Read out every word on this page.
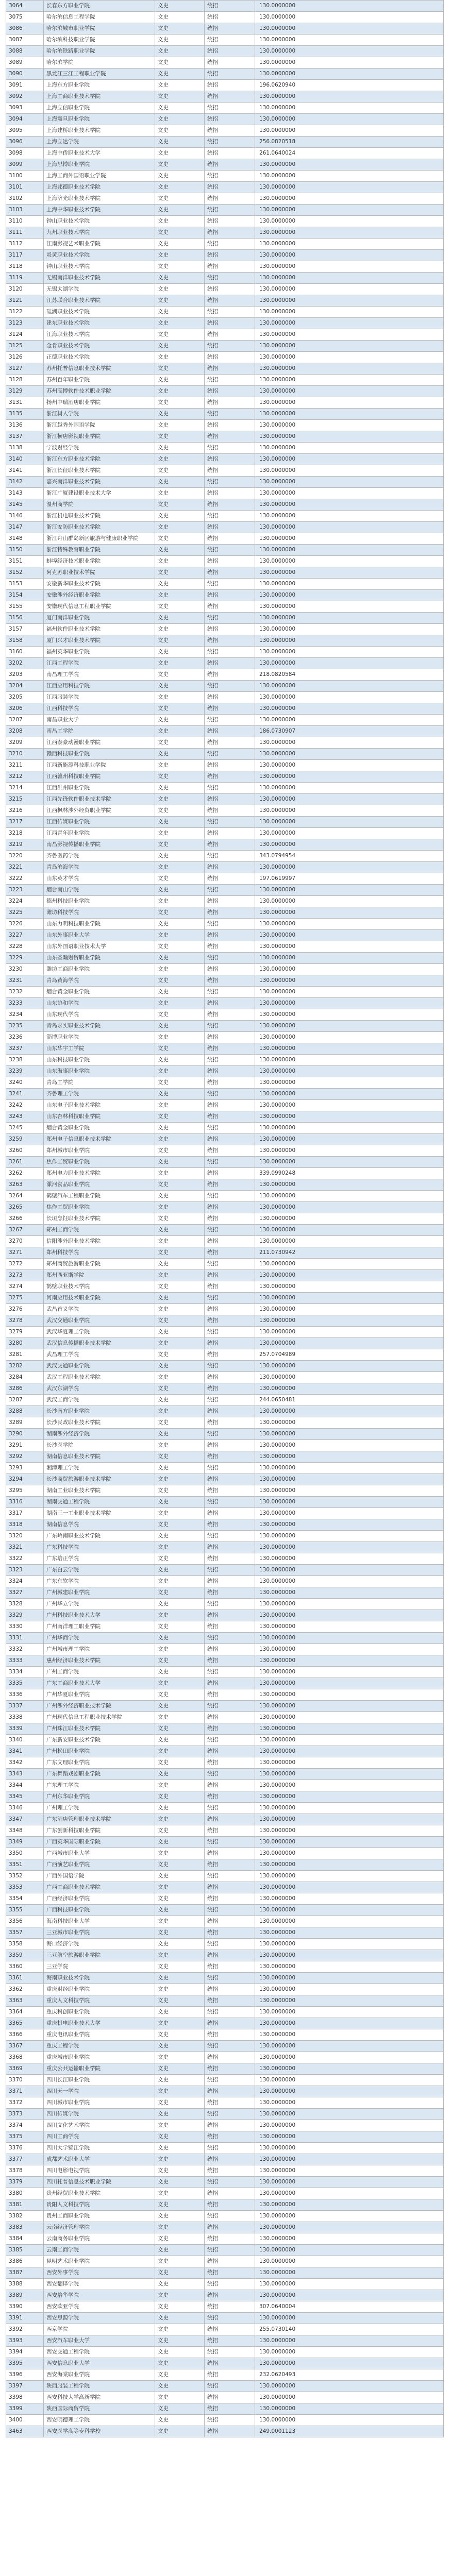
3064	长春东方职业学院	文史	统招	130.0000000
3075	哈尔滨信息工程学院	文史	统招	130.0000000
3086	哈尔滨城市职业学院	文史	统招	130.0000000
3087	哈尔滨科技职业学院	文史	统招	130.0000000
3088	哈尔滨铁路职业学院	文史	统招	130.0000000
3089	哈尔滨学院	文史	统招	130.0000000
3090	黑龙江三江工程职业学院	文史	统招	130.0000000
3091	上海东方职业学院	文史	统招	196.0620940
3092	上海工商职业技术学院	文史	统招	130.0000000
3093	上海立信职业学院	文史	统招	130.0000000
3094	上海震旦职业学院	文史	统招	130.0000000
3095	上海建桥职业技术学院	文史	统招	130.0000000
3096	上海立达学院	文史	统招	256.0820518
3098	上海中侨职业技术大学	文史	统招	261.0640024
3099	上海思博职业学院	文史	统招	130.0000000
3100	上海工商外国语职业学院	文史	统招	130.0000000
3101	上海邦德职业技术学院	文史	统招	130.0000000
3102	上海济光职业技术学院	文史	统招	130.0000000
3103	上海中华职业技术学院	文史	统招	130.0000000
3110	钟山职业技术学院	文史	统招	130.0000000
3111	九州职业技术学院	文史	统招	130.0000000
3112	江南影视艺术职业学院	文史	统招	130.0000000
3117	炎黄职业技术学院	文史	统招	130.0000000
3118	钟山职业技术学院	文史	统招	130.0000000
3119	无锡南洋职业技术学院	文史	统招	130.0000000
3120	无锡太湖学院	文史	统招	130.0000000
3121	江苏联合职业技术学院	文史	统招	130.0000000
3122	硅湖职业技术学院	文史	统招	130.0000000
3123	建东职业技术学院	文史	统招	130.0000000
3124	江海职业技术学院	文史	统招	130.0000000
3125	金肯职业技术学院	文史	统招	130.0000000
3126	正德职业技术学院	文史	统招	130.0000000
3127	苏州托普信息职业技术学院	文史	统招	130.0000000
3128	苏州百年职业学院	文史	统招	130.0000000
3129	苏州高博软件技术职业学院	文史	统招	130.0000000
3131	扬州中瑞酒店职业学院	文史	统招	130.0000000
3135	浙江树人学院	文史	统招	130.0000000
3136	浙江越秀外国语学院	文史	统招	130.0000000
3137	浙江横店影视职业学院	文史	统招	130.0000000
3138	宁波财经学院	文史	统招	130.0000000
3140	浙江东方职业技术学院	文史	统招	130.0000000
3141	浙江长征职业技术学院	文史	统招	130.0000000
3142	嘉兴南洋职业技术学院	文史	统招	130.0000000
3143	浙江广厦建设职业技术大学	文史	统招	130.0000000
3145	温州商学院	文史	统招	130.0000000
3146	浙江机电职业技术学院	文史	统招	130.0000000
3147	浙江安防职业技术学院	文史	统招	130.0000000
3148	浙江舟山群岛新区旅游与健康职业学院	文史	统招	130.0000000
3150	浙江特殊教育职业学院	文史	统招	130.0000000
3151	蚌埠经济技术职业学院	文史	统招	130.0000000
3152	阿克苏职业技术学院	文史	统招	130.0000000
3153	安徽新华职业技术学院	文史	统招	130.0000000
3154	安徽涉外经济职业学院	文史	统招	130.0000000
3155	安徽现代信息工程职业学院	文史	统招	130.0000000
3156	厦门南洋职业学院	文史	统招	130.0000000
3157	福州软件职业技术学院	文史	统招	130.0000000
3158	厦门兴才职业技术学院	文史	统招	130.0000000
3160	福州英华职业学院	文史	统招	130.0000000
3202	江西工程学院	文史	统招	130.0000000
3203	南昌理工学院	文史	统招	218.0820584
3204	江西应用科技学院	文史	统招	130.0000000
3205	江西服装学院	文史	统招	130.0000000
3206	江西科技学院	文史	统招	130.0000000
3207	南昌职业大学	文史	统招	130.0000000
3208	南昌工学院	文史	统招	186.0730907
3209	江西泰豪动漫职业学院	文史	统招	130.0000000
3210	赣西科技职业学院	文史	统招	130.0000000
3211	江西新能源科技职业学院	文史	统招	130.0000000
3212	江西赣州科技职业学院	文史	统招	130.0000000
3214	江西洪州职业学院	文史	统招	130.0000000
3215	江西先锋软件职业技术学院	文史	统招	130.0000000
3216	江西枫林涉外经贸职业学院	文史	统招	130.0000000
3217	江西传媒职业学院	文史	统招	130.0000000
3218	江西青年职业学院	文史	统招	130.0000000
3219	南昌影视传播职业学院	文史	统招	130.0000000
3220	齐鲁医药学院	文史	统招	343.0794954
3221	青岛滨海学院	文史	统招	130.0000000
3222	山东英才学院	文史	统招	197.0619997
3223	烟台南山学院	文史	统招	130.0000000
3224	德州科技职业学院	文史	统招	130.0000000
3225	潍坊科技学院	文史	统招	130.0000000
3226	山东力明科技职业学院	文史	统招	130.0000000
3227	山东外事职业大学	文史	统招	130.0000000
3228	山东外国语职业技术大学	文史	统招	130.0000000
3229	山东圣翰财贸职业学院	文史	统招	130.0000000
3230	潍坊工商职业学院	文史	统招	130.0000000
3231	青岛黄海学院	文史	统招	130.0000000
3232	烟台黄金职业学院	文史	统招	130.0000000
3233	山东协和学院	文史	统招	130.0000000
3234	山东现代学院	文史	统招	130.0000000
3235	青岛求实职业技术学院	文史	统招	130.0000000
3236	淄博职业学院	文史	统招	130.0000000
3237	山东华宇工学院	文史	统招	130.0000000
3238	山东科技职业学院	文史	统招	130.0000000
3239	山东海事职业学院	文史	统招	130.0000000
3240	青岛工学院	文史	统招	130.0000000
3241	齐鲁理工学院	文史	统招	130.0000000
3242	山东电子职业技术学院	文史	统招	130.0000000
3243	山东杏林科技职业学院	文史	统招	130.0000000
3245	烟台黄金职业学院	文史	统招	130.0000000
3259	郑州电子信息职业技术学院	文史	统招	130.0000000
3260	郑州城市职业学院	文史	统招	130.0000000
3261	焦作工贸职业学院	文史	统招	130.0000000
3262	郑州电力职业技术学院	文史	统招	339.0990248
3263	漯河食品职业学院	文史	统招	130.0000000
3264	鹤壁汽车工程职业学院	文史	统招	130.0000000
3265	焦作工贸职业学院	文史	统招	130.0000000
3266	长垣烹饪职业技术学院	文史	统招	130.0000000
3267	郑州工商学院	文史	统招	130.0000000
3270	信阳涉外职业技术学院	文史	统招	130.0000000
3271	郑州科技学院	文史	统招	211.0730942
3272	郑州商贸旅游职业学院	文史	统招	130.0000000
3273	郑州西亚斯学院	文史	统招	130.0000000
3274	鹤壁职业技术学院	文史	统招	130.0000000
3275	河南应用技术职业学院	文史	统招	130.0000000
3276	武昌首义学院	文史	统招	130.0000000
3278	武汉交通职业学院	文史	统招	130.0000000
3279	武汉华夏理工学院	文史	统招	130.0000000
3280	武汉信息传播职业技术学院	文史	统招	130.0000000
3281	武昌理工学院	文史	统招	257.0704989
3282	武汉交通职业学院	文史	统招	130.0000000
3284	武汉工程职业技术学院	文史	统招	130.0000000
3286	武汉东湖学院	文史	统招	130.0000000
3287	武汉工商学院	文史	统招	244.0650481
3288	长沙南方职业学院	文史	统招	130.0000000
3289	长沙民政职业技术学院	文史	统招	130.0000000
3290	湖南涉外经济学院	文史	统招	130.0000000
3291	长沙医学院	文史	统招	130.0000000
3292	湖南信息职业技术学院	文史	统招	130.0000000
3293	湘潭理工学院	文史	统招	130.0000000
3294	长沙商贸旅游职业技术学院	文史	统招	130.0000000
3295	湖南工业职业技术学院	文史	统招	130.0000000
3316	湖南交通工程学院	文史	统招	130.0000000
3317	湖南三一工业职业技术学院	文史	统招	130.0000000
3318	湖南信息学院	文史	统招	130.0000000
3320	广东岭南职业技术学院	文史	统招	130.0000000
3321	广东科技学院	文史	统招	130.0000000
3322	广东培正学院	文史	统招	130.0000000
3323	广东白云学院	文史	统招	130.0000000
3324	广东东软学院	文史	统招	130.0000000
3327	广州城建职业学院	文史	统招	130.0000000
3328	广州华立学院	文史	统招	130.0000000
3329	广州科技职业技术大学	文史	统招	130.0000000
3330	广州南洋理工职业学院	文史	统招	130.0000000
3331	广州华商学院	文史	统招	130.0000000
3332	广州城市理工学院	文史	统招	130.0000000
3333	惠州经济职业技术学院	文史	统招	130.0000000
3334	广州工商学院	文史	统招	130.0000000
3335	广东工商职业技术大学	文史	统招	130.0000000
3336	广州华夏职业学院	文史	统招	130.0000000
3337	广州涉外经济职业技术学院	文史	统招	130.0000000
3338	广州现代信息工程职业技术学院	文史	统招	130.0000000
3339	广州珠江职业技术学院	文史	统招	130.0000000
3340	广东新安职业技术学院	文史	统招	130.0000000
3341	广州松田职业学院	文史	统招	130.0000000
3342	广东文理职业学院	文史	统招	130.0000000
3343	广东舞蹈戏剧职业学院	文史	统招	130.0000000
3344	广东理工学院	文史	统招	130.0000000
3345	广州东华职业学院	文史	统招	130.0000000
3346	广州理工学院	文史	统招	130.0000000
3347	广东酒店管理职业技术学院	文史	统招	130.0000000
3348	广东创新科技职业学院	文史	统招	130.0000000
3349	广西英华国际职业学院	文史	统招	130.0000000
3350	广西城市职业大学	文史	统招	130.0000000
3351	广西演艺职业学院	文史	统招	130.0000000
3352	广西外国语学院	文史	统招	130.0000000
3353	广西工商职业技术学院	文史	统招	130.0000000
3354	广西经济职业学院	文史	统招	130.0000000
3355	广西科技职业学院	文史	统招	130.0000000
3356	海南科技职业大学	文史	统招	130.0000000
3357	三亚城市职业学院	文史	统招	130.0000000
3358	海口经济学院	文史	统招	130.0000000
3359	三亚航空旅游职业学院	文史	统招	130.0000000
3360	三亚学院	文史	统招	130.0000000
3361	海南职业技术学院	文史	统招	130.0000000
3362	重庆财经职业学院	文史	统招	130.0000000
3363	重庆人文科技学院	文史	统招	130.0000000
3364	重庆科创职业学院	文史	统招	130.0000000
3365	重庆机电职业技术大学	文史	统招	130.0000000
3366	重庆电讯职业学院	文史	统招	130.0000000
3367	重庆工程学院	文史	统招	130.0000000
3368	重庆城市职业学院	文史	统招	130.0000000
3369	重庆公共运输职业学院	文史	统招	130.0000000
3370	四川长江职业学院	文史	统招	130.0000000
3371	四川天一学院	文史	统招	130.0000000
3372	四川城市职业学院	文史	统招	130.0000000
3373	四川传媒学院	文史	统招	130.0000000
3374	四川文化艺术学院	文史	统招	130.0000000
3375	四川工商学院	文史	统招	130.0000000
3376	四川大学锦江学院	文史	统招	130.0000000
3377	成都艺术职业大学	文史	统招	130.0000000
3378	四川电影电视学院	文史	统招	130.0000000
3379	四川托普信息技术职业学院	文史	统招	130.0000000
3380	贵州经贸职业技术学院	文史	统招	130.0000000
3381	贵阳人文科技学院	文史	统招	130.0000000
3382	贵州工商职业学院	文史	统招	130.0000000
3383	云南经济管理学院	文史	统招	130.0000000
3384	云南商务职业学院	文史	统招	130.0000000
3385	云南工商学院	文史	统招	130.0000000
3386	昆明艺术职业学院	文史	统招	130.0000000
3387	西安外事学院	文史	统招	130.0000000
3388	西安翻译学院	文史	统招	130.0000000
3389	西安培华学院	文史	统招	130.0000000
3390	西安欧亚学院	文史	统招	307.0640004
3391	西安思源学院	文史	统招	130.0000000
3392	西京学院	文史	统招	255.0730140
3393	西安汽车职业大学	文史	统招	130.0000000
3394	西安交通工程学院	文史	统招	130.0000000
3395	西安信息职业大学	文史	统招	130.0000000
3396	西安海棠职业学院	文史	统招	232.0620493
3397	陕西服装工程学院	文史	统招	130.0000000
3398	西安科技大学高新学院	文史	统招	130.0000000
3399	陕西国际商贸学院	文史	统招	130.0000000
3400	西安明德理工学院	文史	统招	130.0000000
3463	西安医学高等专科学校	文史	统招	249.0001123
